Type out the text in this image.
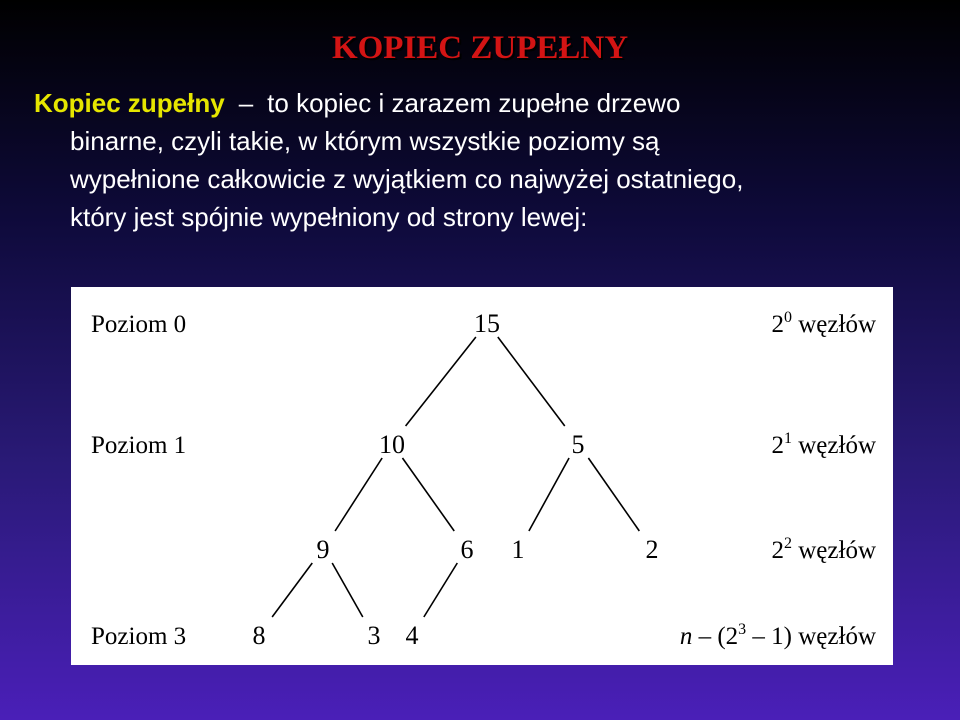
KOPIEC ZUPEŁNY

Kopiec zupełny – to kopiec i zarazem zupełne drzewo
binarne, czyli takie, w którym wszystkie poziomy są
wypełnione całkowicie z wyjątkiem co najwyżej ostatniego,
który jest spójnie wypełniony od strony lewej:

15
10	5
9	6 1	2
8	3 4
Poziom 0
Poziom 1
Poziom 3
$2^0$ węzłów
$2^1$ węzłów
$2^2$ węzłów
n – $(2^3 - 1)$ węzłów
